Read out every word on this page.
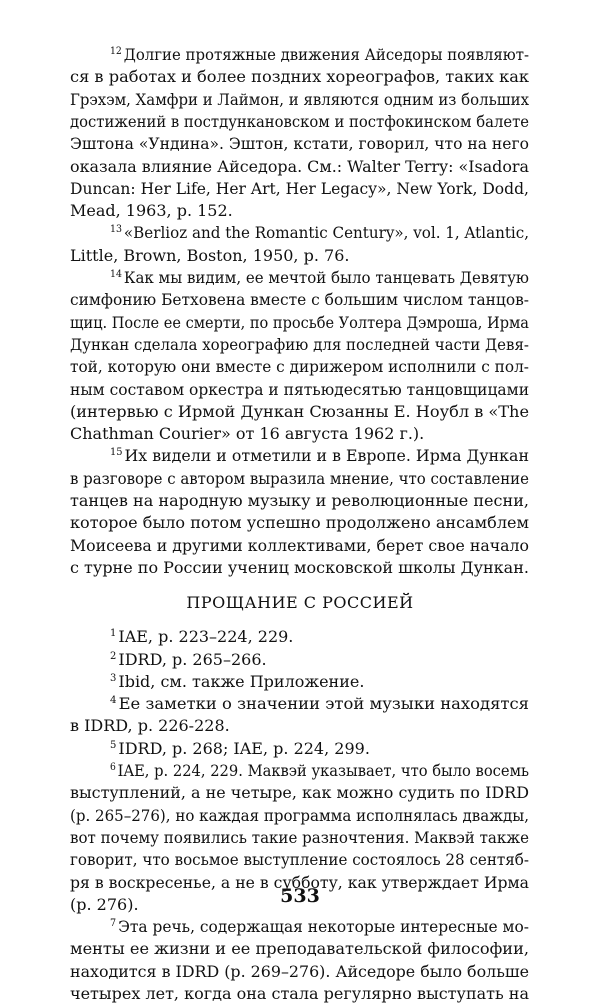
$^{12}$ Долгие протяжные движения Айседоры появляют-
ся в работах и более поздних хореографов, таких как
Грэхэм, Хамфри и Лаймон, и являются одним из больших
достижений в постдункановском и постфокинском балете
Эштона «Ундина». Эштон, кстати, говорил, что на него
оказала влияние Айседора. См.: Walter Terry: «Isadora
Duncan: Her Life, Her Art, Her Legacy», New York, Dodd,
Mead, 1963, p. 152.
$^{13}$ «Berlioz and the Romantic Century», vol. 1, Atlantic,
Little, Brown, Boston, 1950, p. 76.
$^{14}$ Как мы видим, ее мечтой было танцевать Девятую
симфонию Бетховена вместе с большим числом танцов-
щиц. После ее смерти, по просьбе Уолтера Дэмроша, Ирма
Дункан сделала хореографию для последней части Девя-
той, которую они вместе с дирижером исполнили с пол-
ным составом оркестра и пятьюдесятью танцовщицами
(интервью с Ирмой Дункан Сюзанны Е. Ноубл в «The
Chathman Courier» от 16 августа 1962 г.).
$^{15}$ Их видели и отметили и в Европе. Ирма Дункан
в разговоре с автором выразила мнение, что составление
танцев на народную музыку и революционные песни,
которое было потом успешно продолжено ансамблем
Моисеева и другими коллективами, берет свое начало
с турне по России учениц московской школы Дункан.
ПРОЩАНИЕ С РОССИЕЙ
$^1$ IAE, p. 223–224, 229.
$^2$ IDRD, p. 265–266.
$^3$ Ibid, см. также Приложение.
$^4$ Ее заметки о значении этой музыки находятся
в IDRD, p. 226-228.
$^5$ IDRD, p. 268; IAE, p. 224, 299.
$^6$ IAE, p. 224, 229. Маквэй указывает, что было восемь
выступлений, а не четыре, как можно судить по IDRD
(p. 265–276), но каждая программа исполнялась дважды,
вот почему появились такие разночтения. Маквэй также
говорит, что восьмое выступление состоялось 28 сентяб-
ря в воскресенье, а не в субботу, как утверждает Ирма
(p. 276).
$^7$ Эта речь, содержащая некоторые интересные мо-
менты ее жизни и ее преподавательской философии,
находится в IDRD (p. 269–276). Айседоре было больше
четырех лет, когда она стала регулярно выступать на
533
